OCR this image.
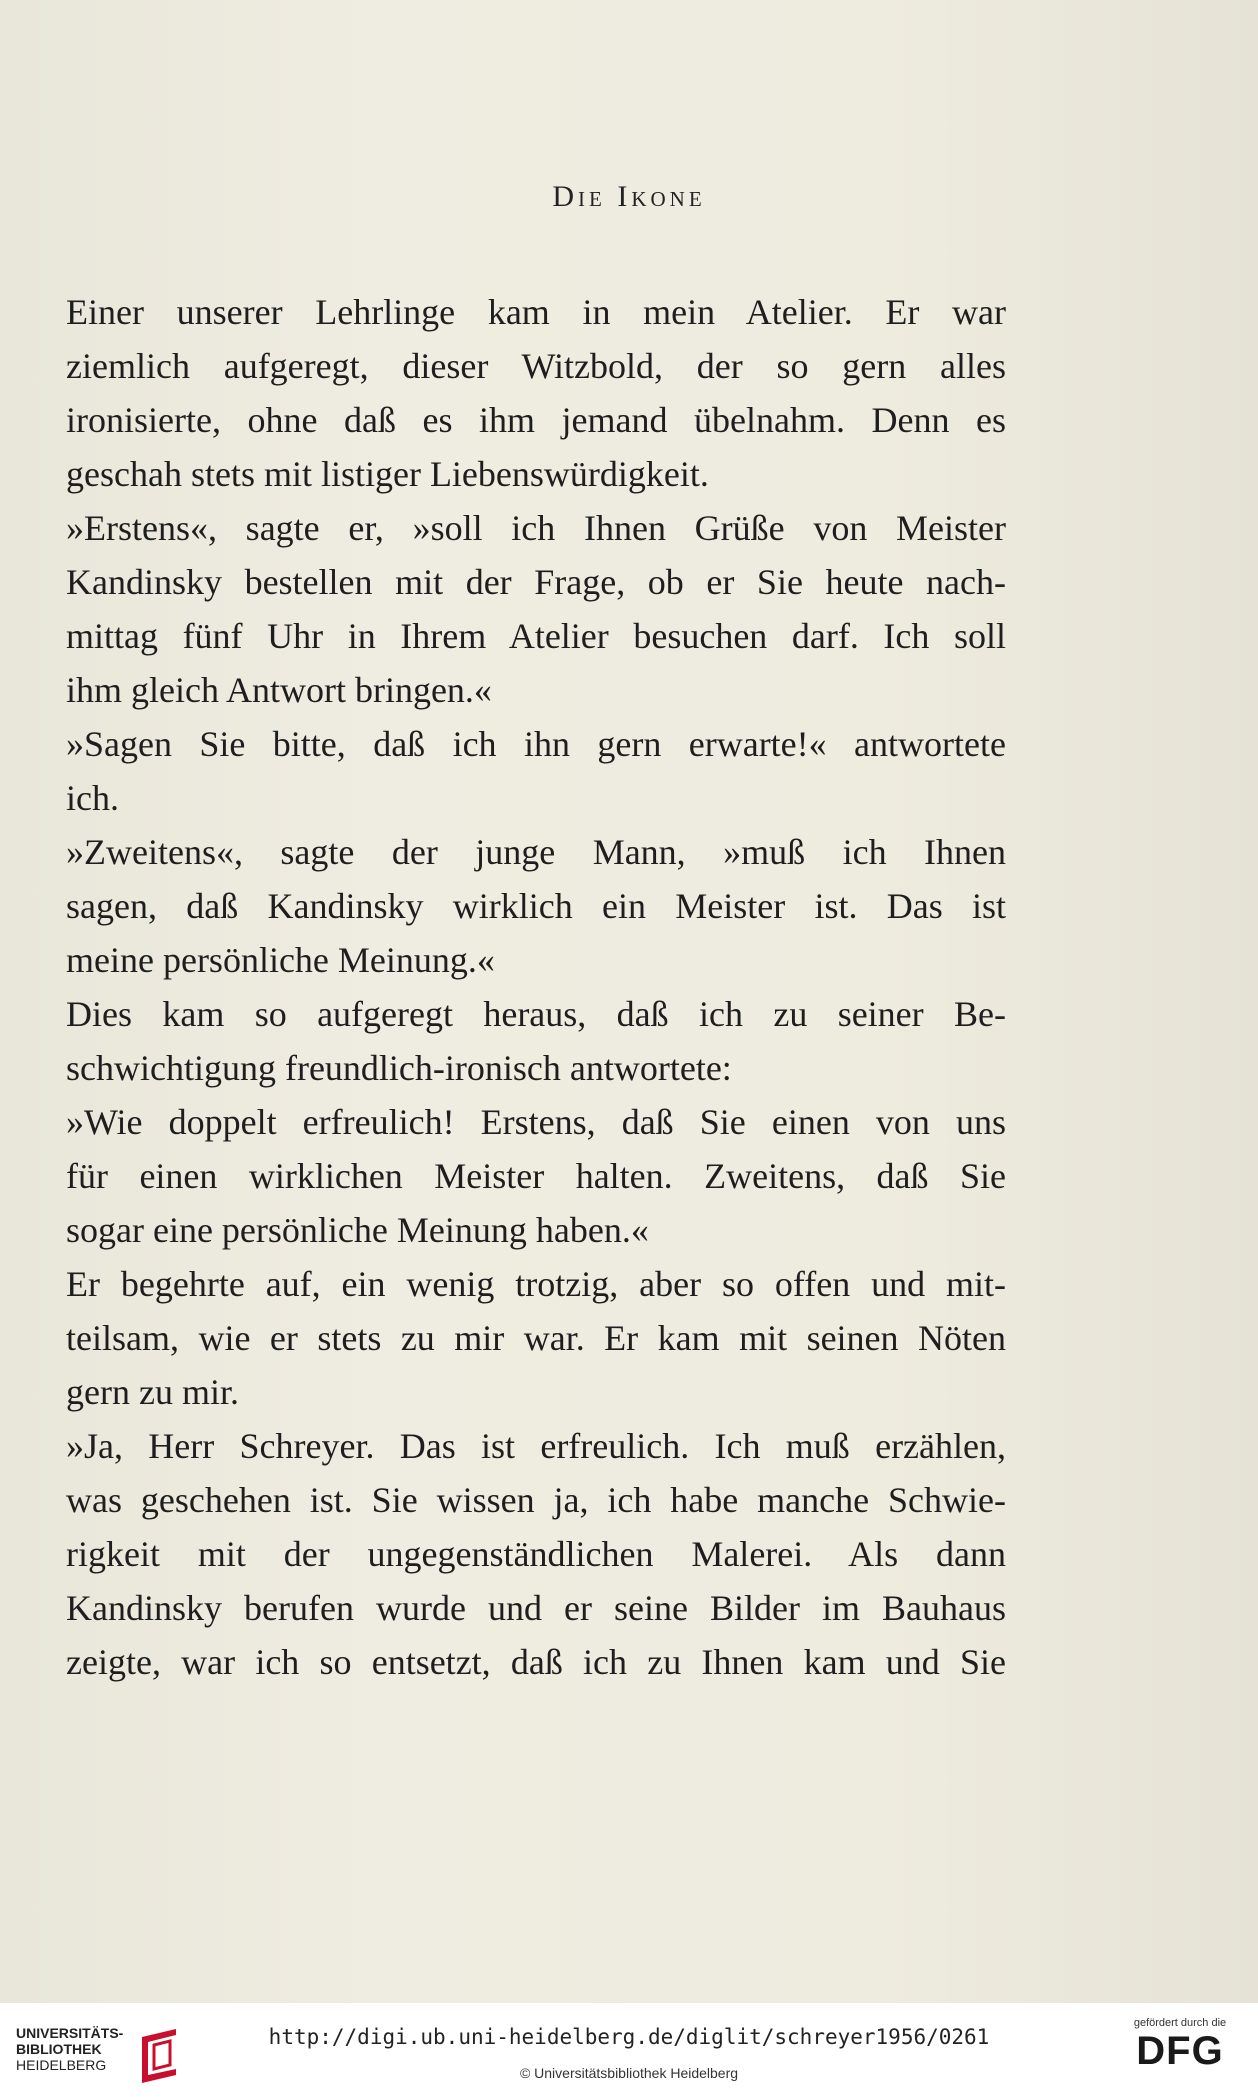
Die Ikone
Einer unserer Lehrlinge kam in mein Atelier. Er war
ziemlich aufgeregt, dieser Witzbold, der so gern alles
ironisierte, ohne daß es ihm jemand übelnahm. Denn es
geschah stets mit listiger Liebenswürdigkeit.
»Erstens«, sagte er, »soll ich Ihnen Grüße von Meister
Kandinsky bestellen mit der Frage, ob er Sie heute nach-
mittag fünf Uhr in Ihrem Atelier besuchen darf. Ich soll
ihm gleich Antwort bringen.«
»Sagen Sie bitte, daß ich ihn gern erwarte!« antwortete
ich.
»Zweitens«, sagte der junge Mann, »muß ich Ihnen
sagen, daß Kandinsky wirklich ein Meister ist. Das ist
meine persönliche Meinung.«
Dies kam so aufgeregt heraus, daß ich zu seiner Be-
schwichtigung freundlich-ironisch antwortete:
»Wie doppelt erfreulich! Erstens, daß Sie einen von uns
für einen wirklichen Meister halten. Zweitens, daß Sie
sogar eine persönliche Meinung haben.«
Er begehrte auf, ein wenig trotzig, aber so offen und mit-
teilsam, wie er stets zu mir war. Er kam mit seinen Nöten
gern zu mir.
»Ja, Herr Schreyer. Das ist erfreulich. Ich muß erzählen,
was geschehen ist. Sie wissen ja, ich habe manche Schwie-
rigkeit mit der ungegenständlichen Malerei. Als dann
Kandinsky berufen wurde und er seine Bilder im Bauhaus
zeigte, war ich so entsetzt, daß ich zu Ihnen kam und Sie
UNIVERSITÄTS-
BIBLIOTHEK
HEIDELBERG
http://digi.ub.uni-heidelberg.de/diglit/schreyer1956/0261
© Universitätsbibliothek Heidelberg
gefördert durch die
DFG
